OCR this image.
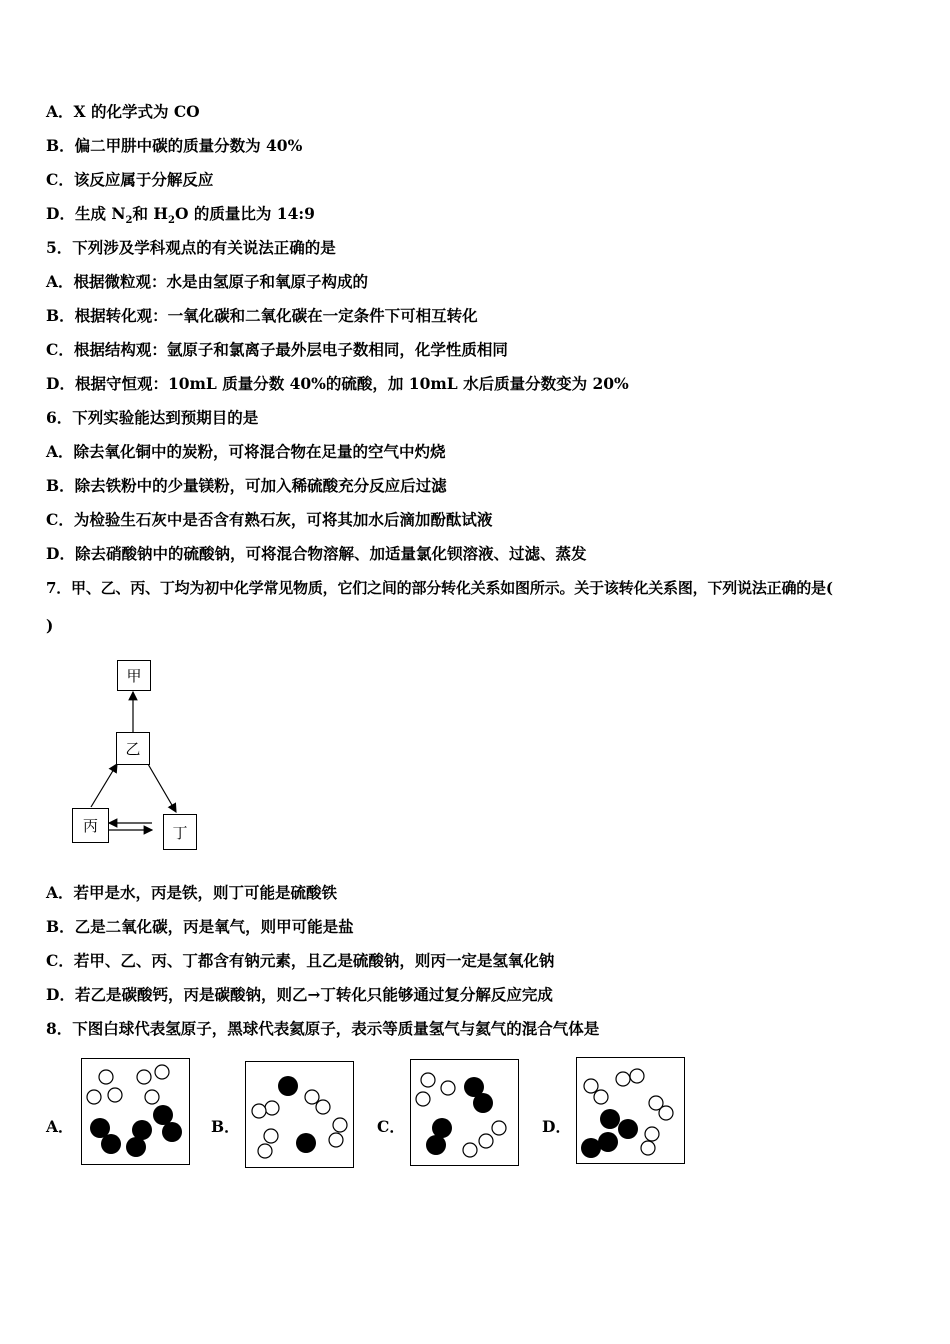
A．X 的化学式为 CO
B．偏二甲肼中碳的质量分数为 40%
C．该反应属于分解反应
D．生成 $N_2$和 $H_2O$ 的质量比为 14:9
5．下列涉及学科观点的有关说法正确的是
A．根据微粒观：水是由氢原子和氧原子构成的
B．根据转化观：一氧化碳和二氧化碳在一定条件下可相互转化
C．根据结构观：氩原子和氯离子最外层电子数相同，化学性质相同
D．根据守恒观：10mL 质量分数 40%的硫酸，加 10mL 水后质量分数变为 20%
6．下列实验能达到预期目的是
A．除去氧化铜中的炭粉，可将混合物在足量的空气中灼烧
B．除去铁粉中的少量镁粉，可加入稀硫酸充分反应后过滤
C．为检验生石灰中是否含有熟石灰，可将其加水后滴加酚酞试液
D．除去硝酸钠中的硫酸钠，可将混合物溶解、加适量氯化钡溶液、过滤、蒸发
7．甲、乙、丙、丁均为初中化学常见物质，它们之间的部分转化关系如图所示。关于该转化关系图，下列说法正确的是(
)
甲
乙
丙	丁
A．若甲是水，丙是铁，则丁可能是硫酸铁
B．乙是二氧化碳，丙是氧气，则甲可能是盐
C．若甲、乙、丙、丁都含有钠元素，且乙是硫酸钠，则丙一定是氢氧化钠
D．若乙是碳酸钙，丙是碳酸钠，则乙→丁转化只能够通过复分解反应完成
8．下图白球代表氢原子，黑球代表氦原子，表示等质量氢气与氦气的混合气体是
A．	B．	C．	D．
